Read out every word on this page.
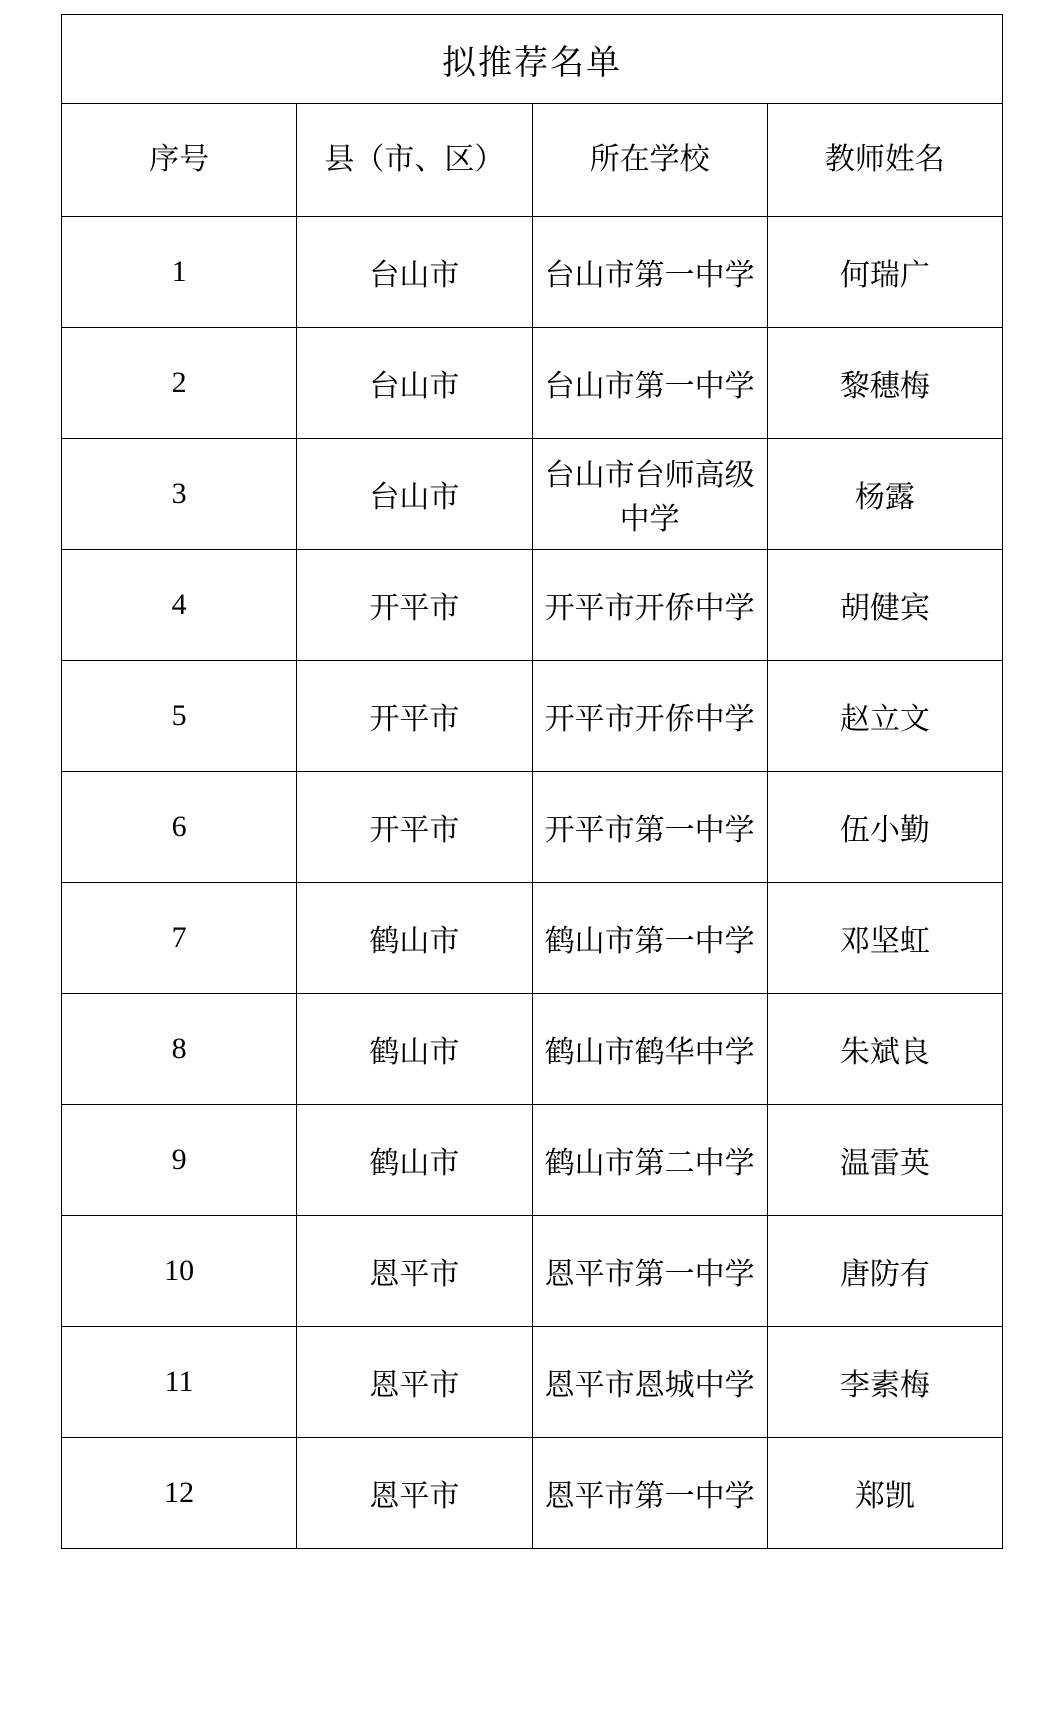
拟推荐名单			
序号	县（市、区）	所在学校	教师姓名
1	台山市	台山市第一中学	何瑞广
2	台山市	台山市第一中学	黎穗梅
3	台山市	台山市台师高级中学	杨露
4	开平市	开平市开侨中学	胡健宾
5	开平市	开平市开侨中学	赵立文
6	开平市	开平市第一中学	伍小勤
7	鹤山市	鹤山市第一中学	邓坚虹
8	鹤山市	鹤山市鹤华中学	朱斌良
9	鹤山市	鹤山市第二中学	温雷英
10	恩平市	恩平市第一中学	唐防有
11	恩平市	恩平市恩城中学	李素梅
12	恩平市	恩平市第一中学	郑凯
